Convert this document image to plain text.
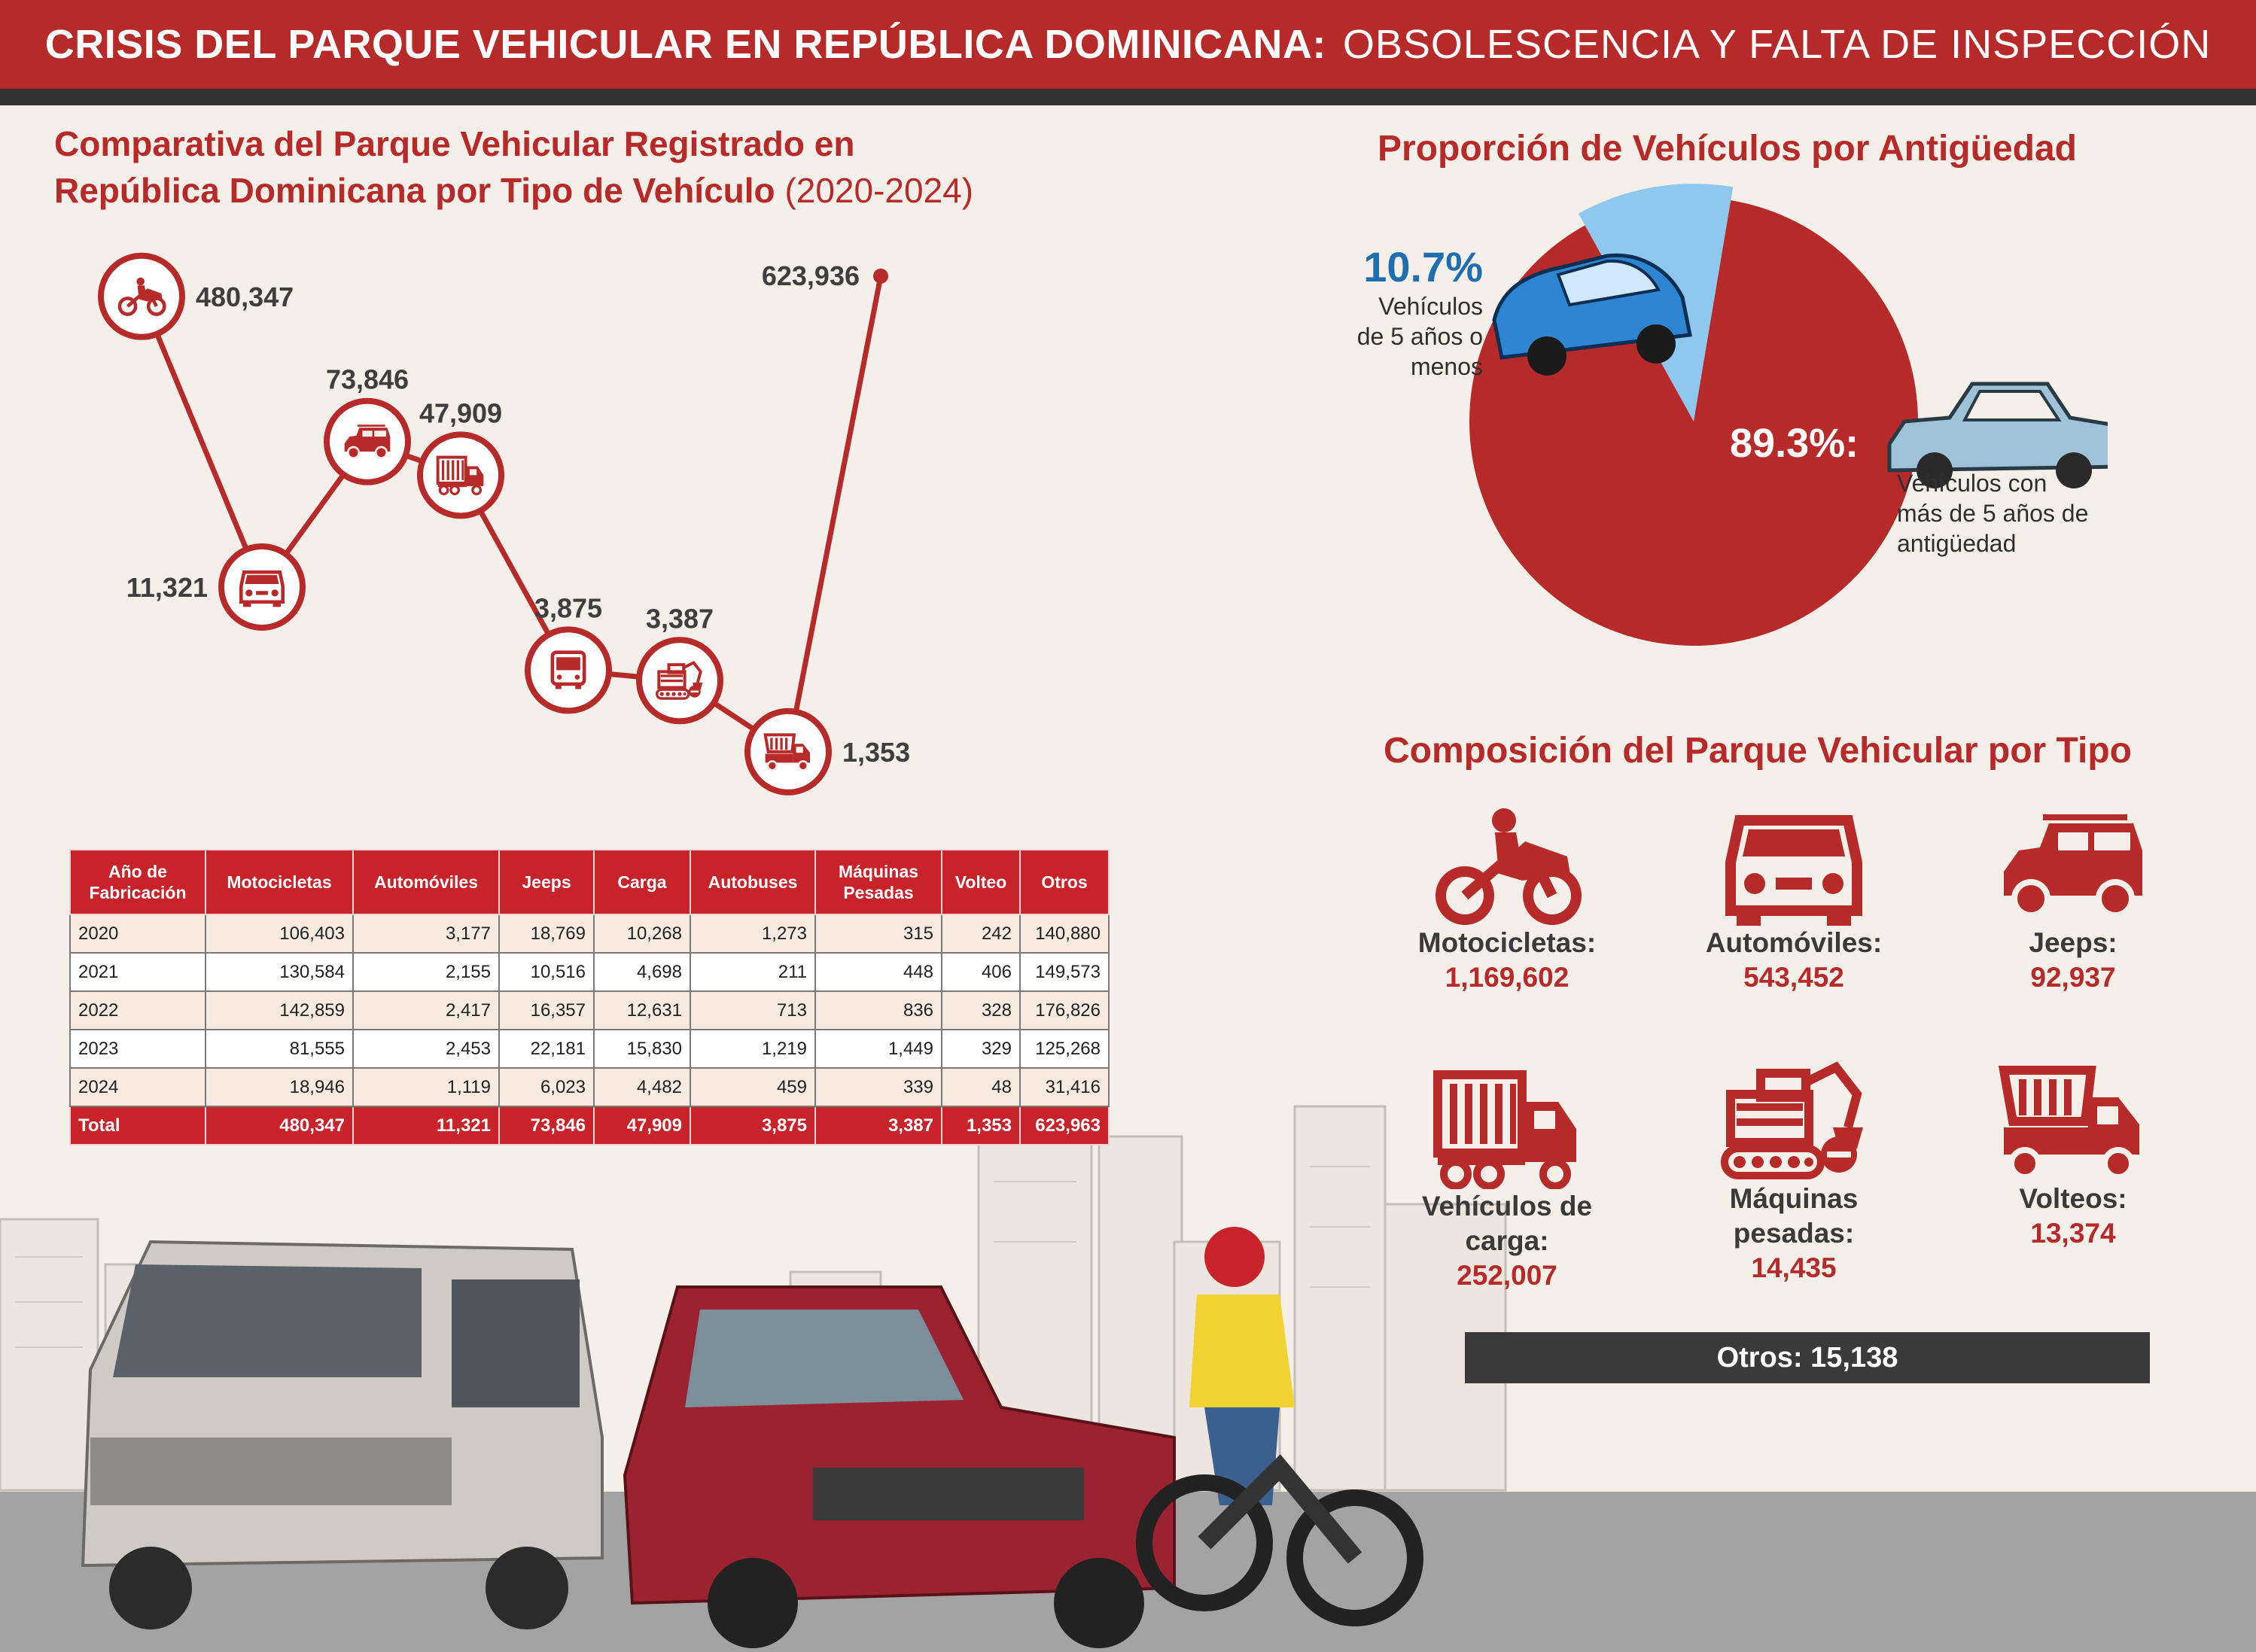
CRISIS DEL PARQUE VEHICULAR EN REPÚBLICA DOMINICANA: OBSOLESCENCIA Y FALTA DE INSPECCIÓN
Comparativa del Parque Vehicular Registrado en
República Dominicana por Tipo de Vehículo (2020-2024)
480,347
11,321
73,846
47,909
3,875 3,387
1,353
623,936
Año de Fabricación	Motocicletas	Automóviles	Jeeps	Carga	Autobuses	Máquinas Pesadas	Volteo	Otros
2020	106,403	3,177	18,769	10,268	1,273	315	242	140,880
2021	130,584	2,155	10,516	4,698	211	448	406	149,573
2022	142,859	2,417	16,357	12,631	713	836	328	176,826
2023	81,555	2,453	22,181	15,830	1,219	1,449	329	125,268
2024	18,946	1,119	6,023	4,482	459	339	48	31,416
Total	480,347	11,321	73,846	47,909	3,875	3,387	1,353	623,963
Proporción de Vehículos por Antigüedad
10.7%
Vehículos
de 5 años o
menos
89.3%:
Vehículos con
más de 5 años de
antigüedad
Composición del Parque Vehicular por Tipo
Motocicletas:
1,169,602
Automóviles:
543,452
Jeeps:
92,937
Vehículos de
carga:
252,007
Máquinas
pesadas:
14,435
Volteos:
13,374
Otros: 15,138
